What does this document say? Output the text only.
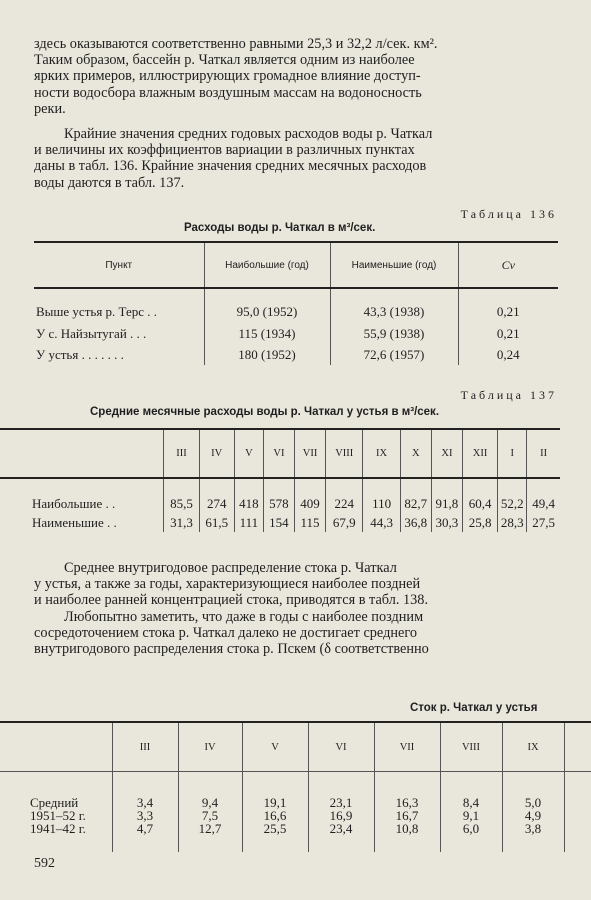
здесь оказываются соответственно равными 25,3 и 32,2 л/сек. км².
Таким образом, бассейн р. Чаткал является одним из наиболее
ярких примеров, иллюстрирующих громадное влияние доступ-
ности водосбора влажным воздушным массам на водоносность
реки.
Крайние значения средних годовых расходов воды р. Чаткал
и величины их коэффициентов вариации в различных пунктах
даны в табл. 136. Крайние значения средних месячных расходов
воды даются в табл. 137.
Таблица 136
Расходы воды р. Чаткал в м³/сек.
Пункт	Наибольшие (год)	Наименьшие (год)	Cv

Выше устья р. Терс . .	95,0 (1952)	43,3 (1938)	0,21
У с. Найзытугай . . .	115 (1934)	55,9 (1938)	0,21
У устья . . . . . . .	180 (1952)	72,6 (1957)	0,24
Таблица 137
Средние месячные расходы воды р. Чаткал у устья в м³/сек.
	III	IV	V	VI	VII	VIII	IX	X	XI	XII	I	II

Наибольшие . .	85,5	274	418	578	409	224	110	82,7	91,8	60,4	52,2	49,4
Наименьшие . .	31,3	61,5	111	154	115	67,9	44,3	36,8	30,3	25,8	28,3	27,5
Среднее внутригодовое распределение стока р. Чаткал
у устья, а также за годы, характеризующиеся наиболее поздней
и наиболее ранней концентрацией стока, приводятся в табл. 138.
Любопытно заметить, что даже в годы с наиболее поздним
сосредоточением стока р. Чаткал далеко не достигает среднего
внутригодового распределения стока р. Пскем (δ соответственно
Сток р. Чаткал у устья
	III	IV	V	VI	VII	VIII	IX	

Средний	3,4	9,4	19,1	23,1	16,3	8,4	5,0	
1951–52 г.	3,3	7,5	16,6	16,9	16,7	9,1	4,9	
1941–42 г.	4,7	12,7	25,5	23,4	10,8	6,0	3,8	
592
